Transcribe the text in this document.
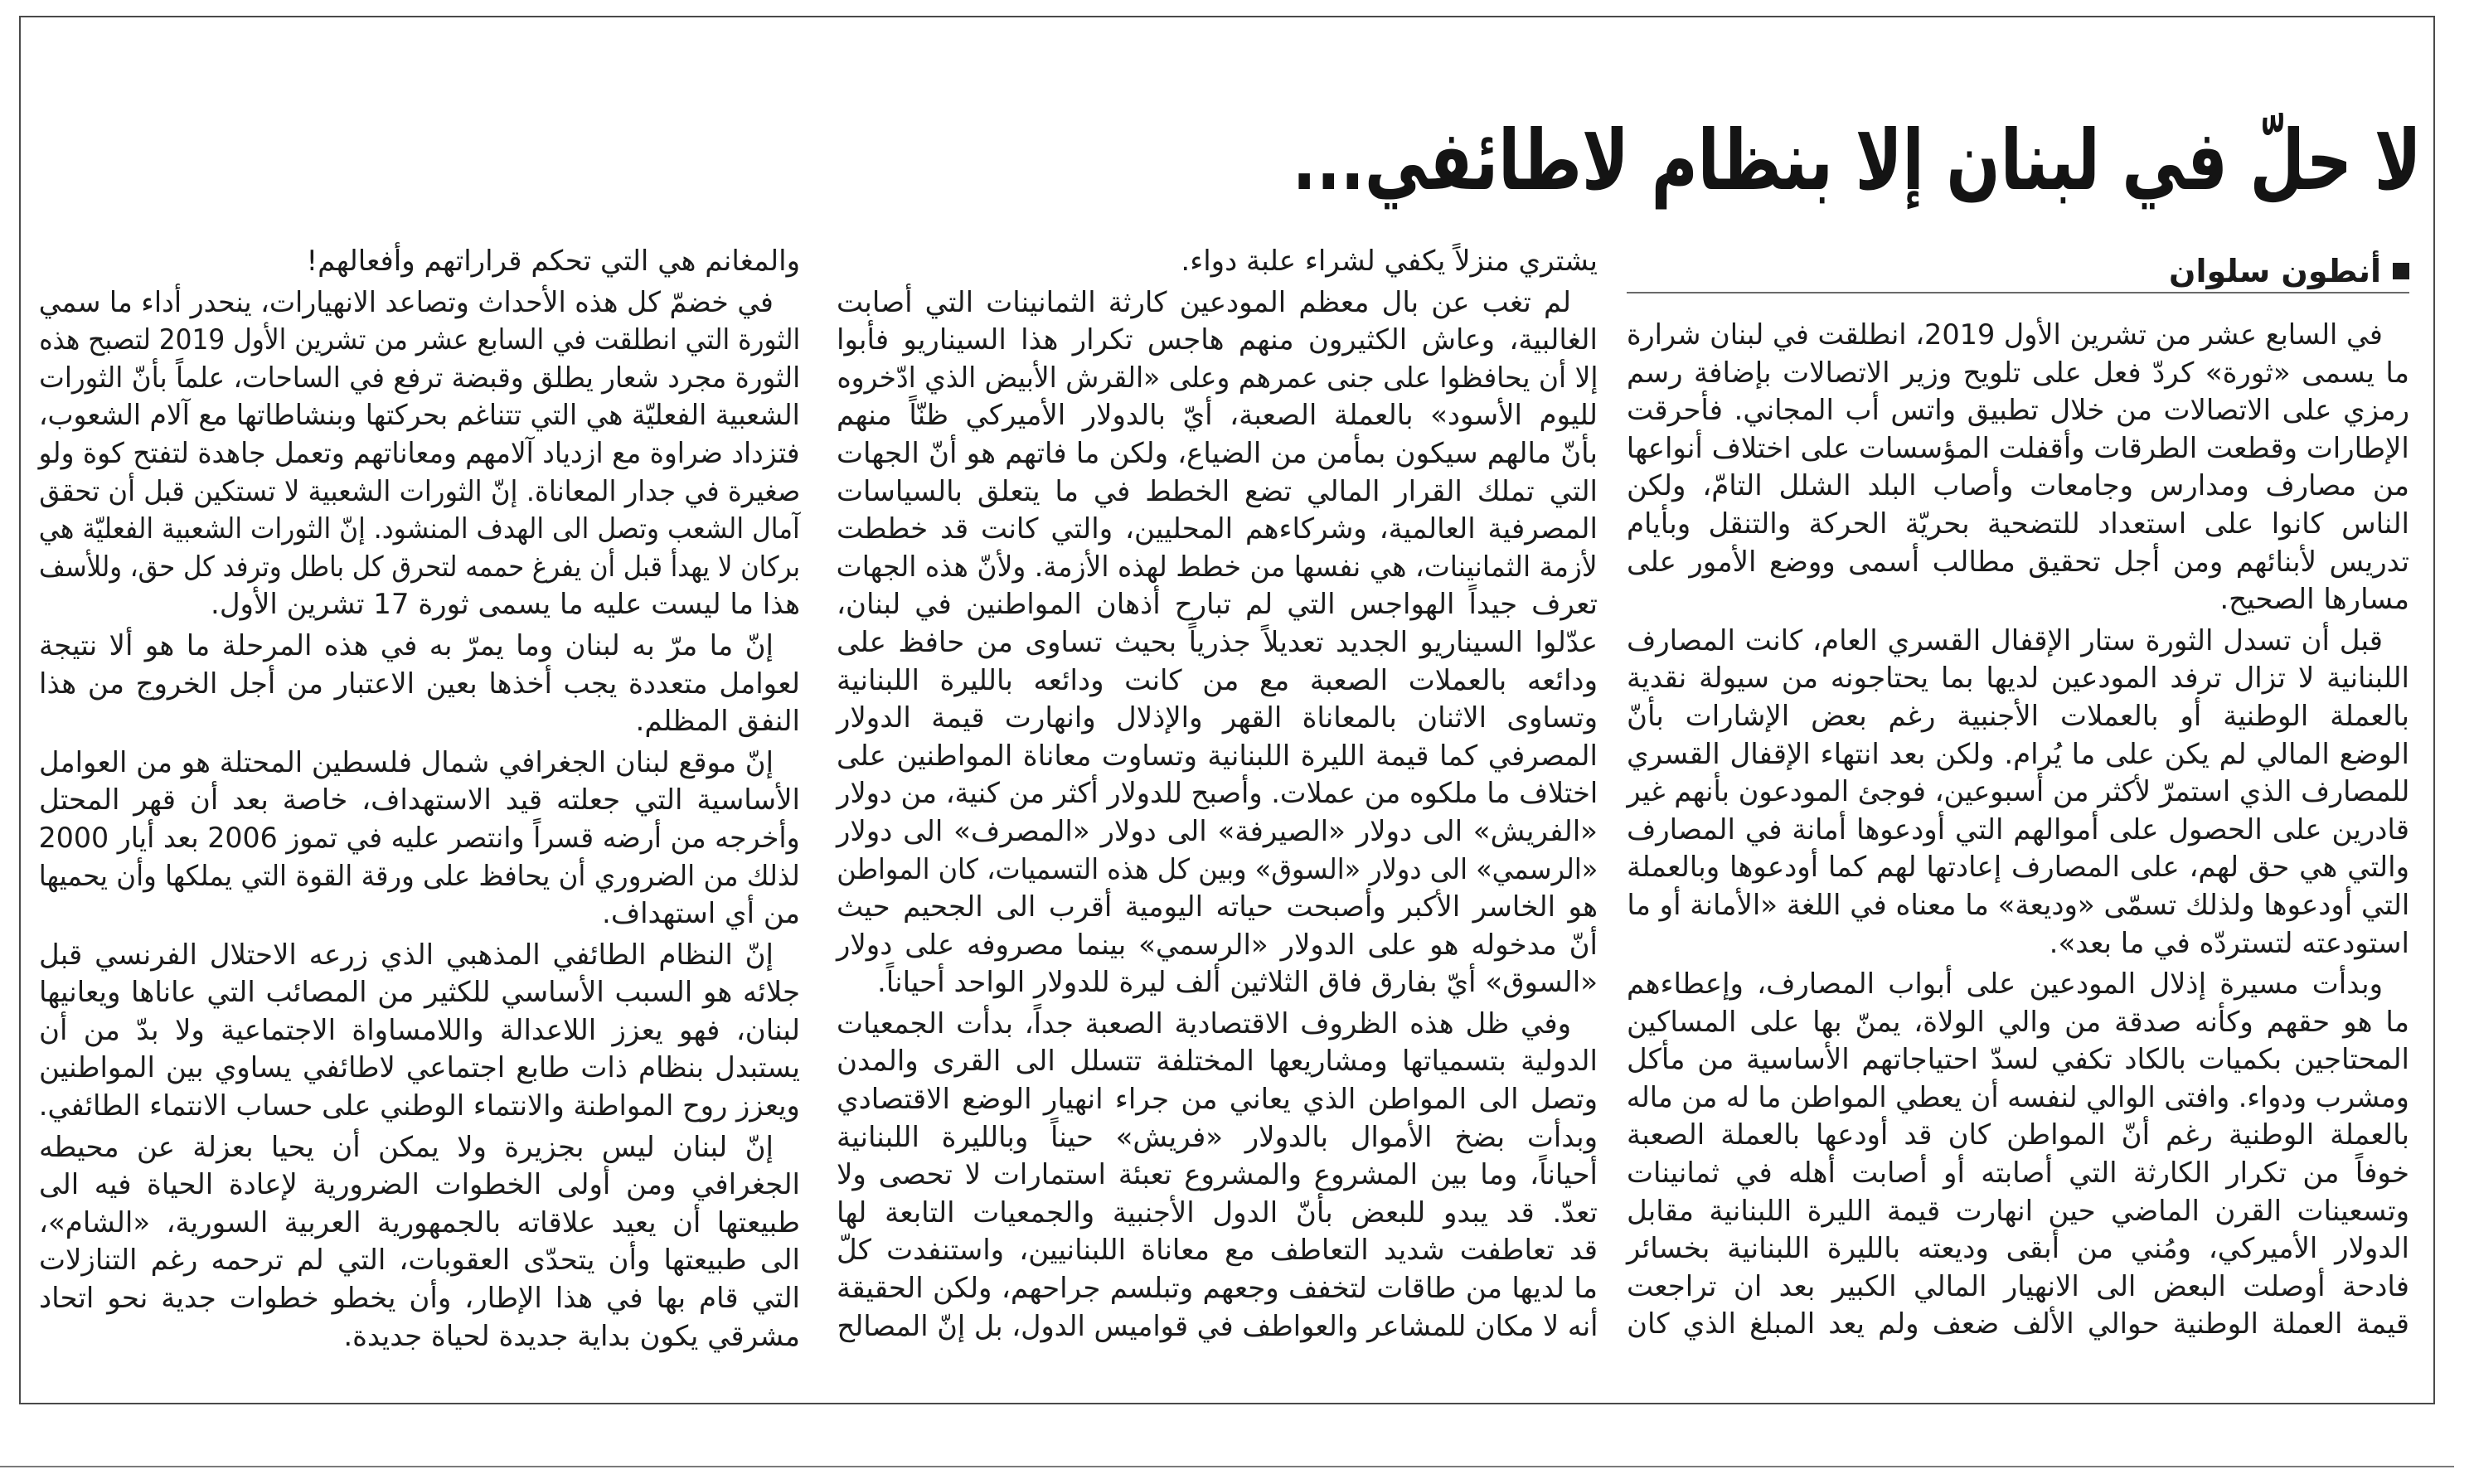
لا حلّ في لبنان إلا بنظام لاطائفي...
أنطون سلوان
في السابع عشر من تشرين الأول 2019، انطلقت في لبنان شرارة
ما يسمى «ثورة» كردّ فعل على تلويح وزير الاتصالات بإضافة رسم
رمزي على الاتصالات من خلال تطبيق واتس أب المجاني. فأحرقت
الإطارات وقطعت الطرقات وأقفلت المؤسسات على اختلاف أنواعها
من مصارف ومدارس وجامعات وأصاب البلد الشلل التامّ، ولكن
الناس كانوا على استعداد للتضحية بحريّة الحركة والتنقل وبأيام
تدريس لأبنائهم ومن أجل تحقيق مطالب أسمى ووضع الأمور على
مسارها الصحيح.
قبل أن تسدل الثورة ستار الإقفال القسري العام، كانت المصارف
اللبنانية لا تزال ترفد المودعين لديها بما يحتاجونه من سيولة نقدية
بالعملة الوطنية أو بالعملات الأجنبية رغم بعض الإشارات بأنّ
الوضع المالي لم يكن على ما يُرام. ولكن بعد انتهاء الإقفال القسري
للمصارف الذي استمرّ لأكثر من أسبوعين، فوجئ المودعون بأنهم غير
قادرين على الحصول على أموالهم التي أودعوها أمانة في المصارف
والتي هي حق لهم، على المصارف إعادتها لهم كما أودعوها وبالعملة
التي أودعوها ولذلك تسمّى «وديعة» ما معناه في اللغة «الأمانة أو ما
استودعته لتستردّه في ما بعد».
وبدأت مسيرة إذلال المودعين على أبواب المصارف، وإعطاءهم
ما هو حقهم وكأنه صدقة من والي الولاة، يمنّ بها على المساكين
المحتاجين بكميات بالكاد تكفي لسدّ احتياجاتهم الأساسية من مأكل
ومشرب ودواء. وافتى الوالي لنفسه أن يعطي المواطن ما له من ماله
بالعملة الوطنية رغم أنّ المواطن كان قد أودعها بالعملة الصعبة
خوفاً من تكرار الكارثة التي أصابته أو أصابت أهله في ثمانينات
وتسعينات القرن الماضي حين انهارت قيمة الليرة اللبنانية مقابل
الدولار الأميركي، ومُني من أبقى وديعته بالليرة اللبنانية بخسائر
فادحة أوصلت البعض الى الانهيار المالي الكبير بعد ان تراجعت
قيمة العملة الوطنية حوالي الألف ضعف ولم يعد المبلغ الذي كان
يشتري منزلاً يكفي لشراء علبة دواء.
لم تغب عن بال معظم المودعين كارثة الثمانينات التي أصابت
الغالبية، وعاش الكثيرون منهم هاجس تكرار هذا السيناريو فأبوا
إلا أن يحافظوا على جنى عمرهم وعلى «القرش الأبيض الذي ادّخروه
لليوم الأسود» بالعملة الصعبة، أيّ بالدولار الأميركي ظنّاً منهم
بأنّ مالهم سيكون بمأمن من الضياع، ولكن ما فاتهم هو أنّ الجهات
التي تملك القرار المالي تضع الخطط في ما يتعلق بالسياسات
المصرفية العالمية، وشركاءهم المحليين، والتي كانت قد خططت
لأزمة الثمانينات، هي نفسها من خطط لهذه الأزمة. ولأنّ هذه الجهات
تعرف جيداً الهواجس التي لم تبارح أذهان المواطنين في لبنان،
عدّلوا السيناريو الجديد تعديلاً جذرياً بحيث تساوى من حافظ على
ودائعه بالعملات الصعبة مع من كانت ودائعه بالليرة اللبنانية
وتساوى الاثنان بالمعاناة القهر والإذلال وانهارت قيمة الدولار
المصرفي كما قيمة الليرة اللبنانية وتساوت معاناة المواطنين على
اختلاف ما ملكوه من عملات. وأصبح للدولار أكثر من كنية، من دولار
«الفريش» الى دولار «الصيرفة» الى دولار «المصرف» الى دولار
«الرسمي» الى دولار «السوق» وبين كل هذه التسميات، كان المواطن
هو الخاسر الأكبر وأصبحت حياته اليومية أقرب الى الجحيم حيث
أنّ مدخوله هو على الدولار «الرسمي» بينما مصروفه على دولار
«السوق» أيّ بفارق فاق الثلاثين ألف ليرة للدولار الواحد أحياناً.
وفي ظل هذه الظروف الاقتصادية الصعبة جداً، بدأت الجمعيات
الدولية بتسمياتها ومشاريعها المختلفة تتسلل الى القرى والمدن
وتصل الى المواطن الذي يعاني من جراء انهيار الوضع الاقتصادي
وبدأت بضخ الأموال بالدولار «فريش» حيناً وبالليرة اللبنانية
أحياناً، وما بين المشروع والمشروع تعبئة استمارات لا تحصى ولا
تعدّ. قد يبدو للبعض بأنّ الدول الأجنبية والجمعيات التابعة لها
قد تعاطفت شديد التعاطف مع معاناة اللبنانيين، واستنفدت كلّ
ما لديها من طاقات لتخفف وجعهم وتبلسم جراحهم، ولكن الحقيقة
أنه لا مكان للمشاعر والعواطف في قواميس الدول، بل إنّ المصالح
والمغانم هي التي تحكم قراراتهم وأفعالهم!
في خضمّ كل هذه الأحداث وتصاعد الانهيارات، ينحدر أداء ما سمي
الثورة التي انطلقت في السابع عشر من تشرين الأول 2019 لتصبح هذه
الثورة مجرد شعار يطلق وقبضة ترفع في الساحات، علماً بأنّ الثورات
الشعبية الفعليّة هي التي تتناغم بحركتها وبنشاطاتها مع آلام الشعوب،
فتزداد ضراوة مع ازدياد آلامهم ومعاناتهم وتعمل جاهدة لتفتح كوة ولو
صغيرة في جدار المعاناة. إنّ الثورات الشعبية لا تستكين قبل أن تحقق
آمال الشعب وتصل الى الهدف المنشود. إنّ الثورات الشعبية الفعليّة هي
بركان لا يهدأ قبل أن يفرغ حممه لتحرق كل باطل وترفد كل حق، وللأسف
هذا ما ليست عليه ما يسمى ثورة 17 تشرين الأول.
إنّ ما مرّ به لبنان وما يمرّ به في هذه المرحلة ما هو ألا نتيجة
لعوامل متعددة يجب أخذها بعين الاعتبار من أجل الخروج من هذا
النفق المظلم.
إنّ موقع لبنان الجغرافي شمال فلسطين المحتلة هو من العوامل
الأساسية التي جعلته قيد الاستهداف، خاصة بعد أن قهر المحتل
وأخرجه من أرضه قسراً وانتصر عليه في تموز 2006 بعد أيار 2000
لذلك من الضروري أن يحافظ على ورقة القوة التي يملكها وأن يحميها
من أي استهداف.
إنّ النظام الطائفي المذهبي الذي زرعه الاحتلال الفرنسي قبل
جلائه هو السبب الأساسي للكثير من المصائب التي عاناها ويعانيها
لبنان، فهو يعزز اللاعدالة واللامساواة الاجتماعية ولا بدّ من أن
يستبدل بنظام ذات طابع اجتماعي لاطائفي يساوي بين المواطنين
ويعزز روح المواطنة والانتماء الوطني على حساب الانتماء الطائفي.
إنّ لبنان ليس بجزيرة ولا يمكن أن يحيا بعزلة عن محيطه
الجغرافي ومن أولى الخطوات الضرورية لإعادة الحياة فيه الى
طبيعتها أن يعيد علاقاته بالجمهورية العربية السورية، «الشام»،
الى طبيعتها وأن يتحدّى العقوبات، التي لم ترحمه رغم التنازلات
التي قام بها في هذا الإطار، وأن يخطو خطوات جدية نحو اتحاد
مشرقي يكون بداية جديدة لحياة جديدة.
